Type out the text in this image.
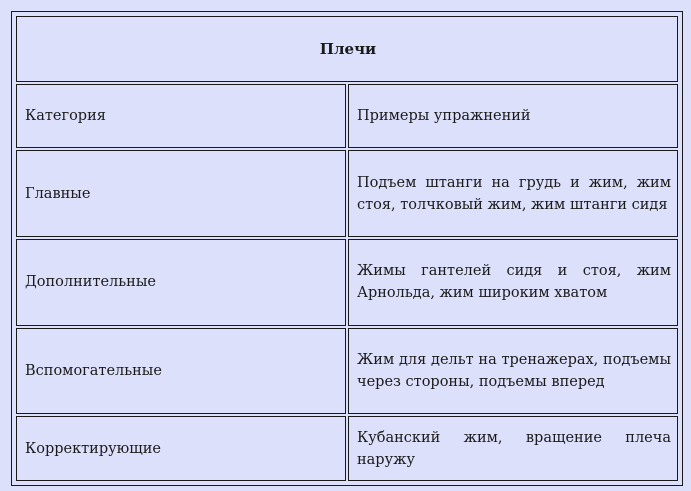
Плечи	
Категория	Примеры упражнений
Главные	Подъем штанги на грудь и жим, жим стоя, толчковый жим, жим штанги сидя
Дополнительные	Жимы гантелей сидя и стоя, жим Арнольда, жим широким хватом
Вспомогательные	Жим для дельт на тренажерах, подъемы через стороны, подъемы вперед
Корректирующие	Кубанский жим, вращение плеча наружу
